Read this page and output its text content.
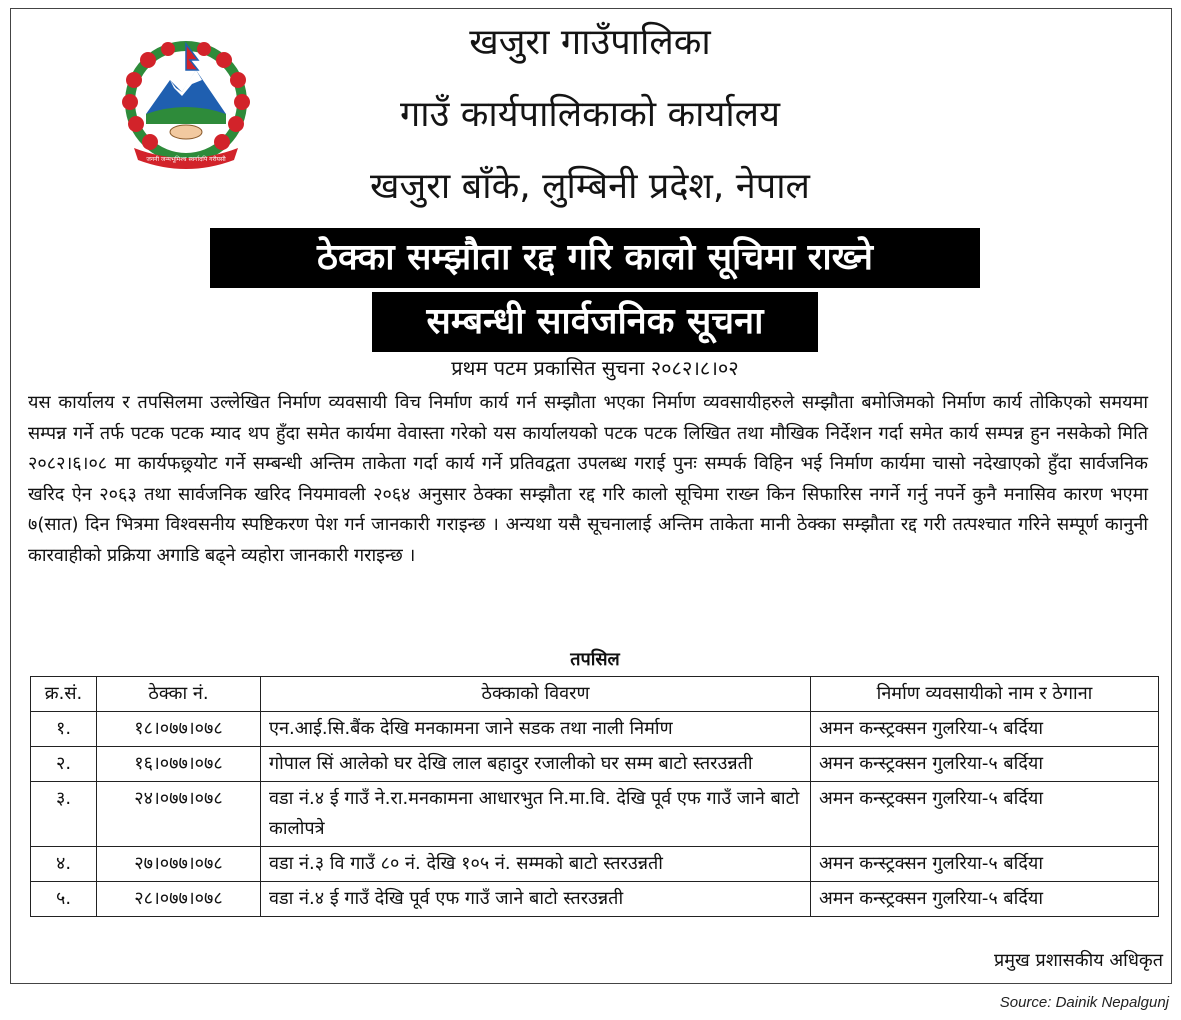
जननी जन्मभूमिश्च स्वर्गादपि गरीयसी
खजुरा गाउँपालिका
गाउँ कार्यपालिकाको कार्यालय
खजुरा बाँके, लुम्बिनी प्रदेश, नेपाल
ठेक्का सम्झौता रद्द गरि कालो सूचिमा राख्ने
सम्बन्धी सार्वजनिक सूचना
प्रथम पटम प्रकासित सुचना २०८२।८।०२
यस कार्यालय र तपसिलमा उल्लेखित निर्माण व्यवसायी विच निर्माण कार्य गर्न सम्झौता भएका निर्माण व्यवसायीहरुले सम्झौता बमोजिमको निर्माण कार्य तोकिएको समयमा सम्पन्न गर्ने तर्फ पटक पटक म्याद थप हुँदा समेत कार्यमा वेवास्ता गरेको यस कार्यालयको पटक पटक लिखित तथा मौखिक निर्देशन गर्दा समेत कार्य सम्पन्न हुन नसकेको मिति २०८२।६।०८ मा कार्यफछ्र्योट गर्ने सम्बन्धी अन्तिम ताकेता गर्दा कार्य गर्ने प्रतिवद्वता उपलब्ध गराई पुनः सम्पर्क विहिन भई निर्माण कार्यमा चासो नदेखाएको हुँदा सार्वजनिक खरिद ऐन २०६३ तथा सार्वजनिक खरिद नियमावली २०६४ अनुसार ठेक्का सम्झौता रद्द गरि कालो सूचिमा राख्न किन सिफारिस नगर्ने गर्नु नपर्ने कुनै मनासिव कारण भएमा ७(सात) दिन भित्रमा विश्वसनीय स्पष्टिकरण पेश गर्न जानकारी गराइन्छ । अन्यथा यसै सूचनालाई अन्तिम ताकेता मानी ठेक्का सम्झौता रद्द गरी तत्पश्चात गरिने सम्पूर्ण कानुनी कारवाहीको प्रक्रिया अगाडि बढ्ने व्यहोरा जानकारी गराइन्छ ।
तपसिल
क्र.सं.	ठेक्का नं.	ठेक्काको विवरण	निर्माण व्यवसायीको नाम र ठेगाना
१.	१८।०७७।०७८	एन.आई.सि.बैंक देखि मनकामना जाने सडक तथा नाली निर्माण	अमन कन्स्ट्रक्सन गुलरिया-५ बर्दिया
२.	१६।०७७।०७८	गोपाल सिं आलेको घर देखि लाल बहादुर रजालीको घर सम्म बाटो स्तरउन्नती	अमन कन्स्ट्रक्सन गुलरिया-५ बर्दिया
३.	२४।०७७।०७८	वडा नं.४ ई गाउँ ने.रा.मनकामना आधारभुत नि.मा.वि. देखि पूर्व एफ गाउँ जाने बाटो कालोपत्रे	अमन कन्स्ट्रक्सन गुलरिया-५ बर्दिया
४.	२७।०७७।०७८	वडा नं.३ वि गाउँ ८० नं. देखि १०५ नं. सम्मको बाटो स्तरउन्नती	अमन कन्स्ट्रक्सन गुलरिया-५ बर्दिया
५.	२८।०७७।०७८	वडा नं.४ ई गाउँ देखि पूर्व एफ गाउँ जाने बाटो स्तरउन्नती	अमन कन्स्ट्रक्सन गुलरिया-५ बर्दिया
प्रमुख प्रशासकीय अधिकृत
Source: Dainik Nepalgunj
